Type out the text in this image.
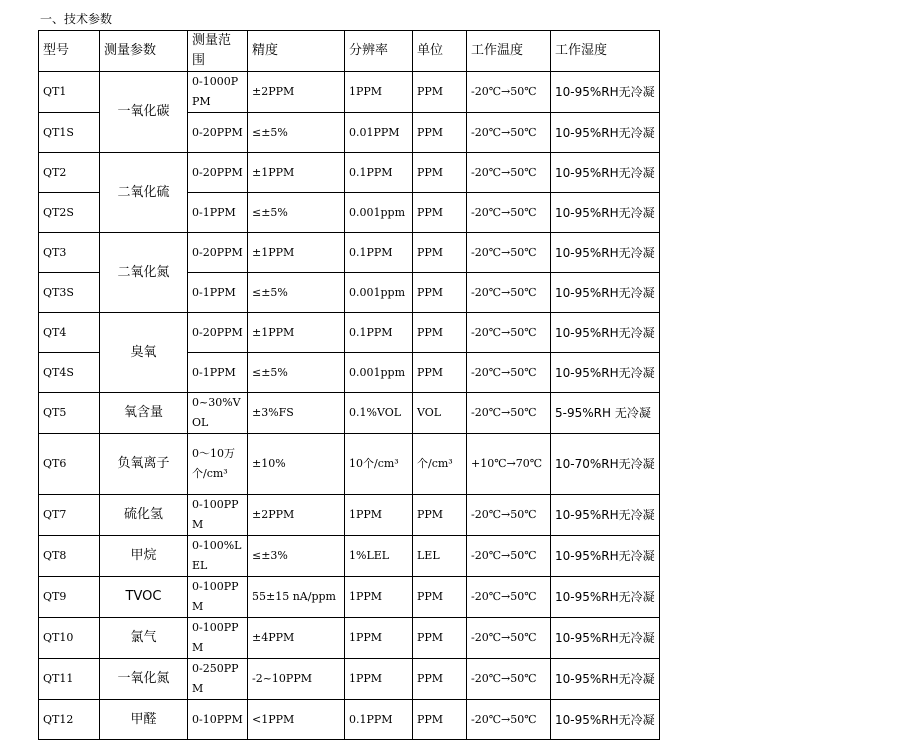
一、技术参数
型号	测量参数	测量范围	精度	分辨率	单位	工作温度	工作湿度
QT1	一氧化碳	0-1000PPM	±2PPM	1PPM	PPM	-20℃→50℃	10-95%RH无冷凝
QT1S		0-20PPM	≤±5%	0.01PPM	PPM	-20℃→50℃	10-95%RH无冷凝
QT2	二氧化硫	0-20PPM	±1PPM	0.1PPM	PPM	-20℃→50℃	10-95%RH无冷凝
QT2S		0-1PPM	≤±5%	0.001ppm	PPM	-20℃→50℃	10-95%RH无冷凝
QT3	二氧化氮	0-20PPM	±1PPM	0.1PPM	PPM	-20℃→50℃	10-95%RH无冷凝
QT3S		0-1PPM	≤±5%	0.001ppm	PPM	-20℃→50℃	10-95%RH无冷凝
QT4	臭氧	0-20PPM	±1PPM	0.1PPM	PPM	-20℃→50℃	10-95%RH无冷凝
QT4S		0-1PPM	≤±5%	0.001ppm	PPM	-20℃→50℃	10-95%RH无冷凝
QT5	氧含量	0~30%VOL	±3%FS	0.1%VOL	VOL	-20℃→50℃	5-95%RH 无冷凝
QT6	负氧离子	0～10万 个/cm³	±10%	10个/cm³	个/cm³	+10℃→70℃	10-70%RH无冷凝
QT7	硫化氢	0-100PPM	±2PPM	1PPM	PPM	-20℃→50℃	10-95%RH无冷凝
QT8	甲烷	0-100%LEL	≤±3%	1%LEL	LEL	-20℃→50℃	10-95%RH无冷凝
QT9	TVOC	0-100PPM	55±15 nA/ppm	1PPM	PPM	-20℃→50℃	10-95%RH无冷凝
QT10	氯气	0-100PPM	±4PPM	1PPM	PPM	-20℃→50℃	10-95%RH无冷凝
QT11	一氧化氮	0-250PPM	-2~10PPM	1PPM	PPM	-20℃→50℃	10-95%RH无冷凝
QT12	甲醛	0-10PPM	<1PPM	0.1PPM	PPM	-20℃→50℃	10-95%RH无冷凝
